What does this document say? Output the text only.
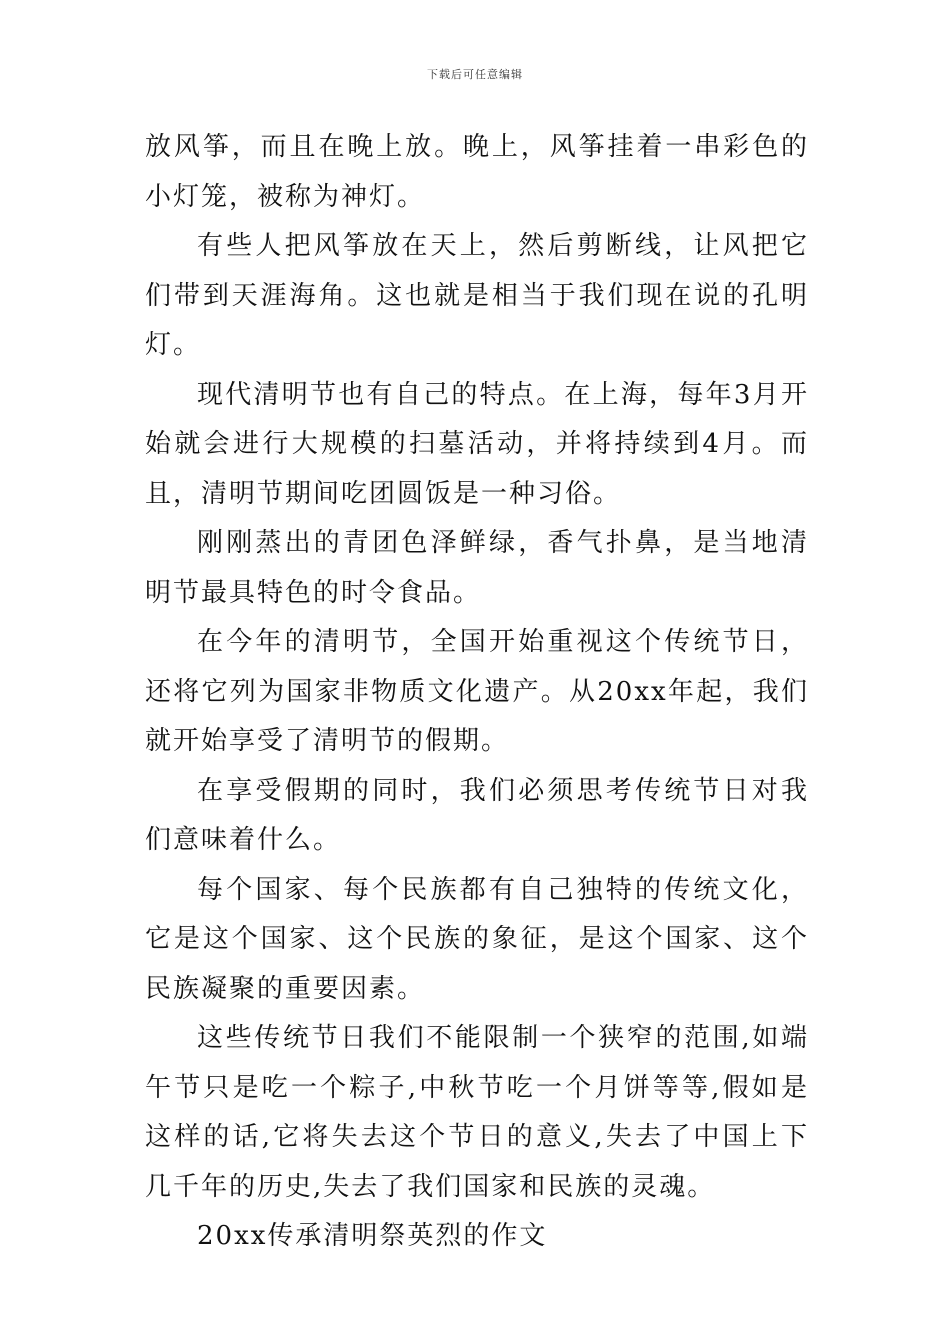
下载后可任意编辑

放风筝，而且在晚上放。晚上，风筝挂着一串彩色的小灯笼，被称为神灯。

有些人把风筝放在天上，然后剪断线，让风把它们带到天涯海角。这也就是相当于我们现在说的孔明灯。

现代清明节也有自己的特点。在上海，每年3月开始就会进行大规模的扫墓活动，并将持续到4月。而且，清明节期间吃团圆饭是一种习俗。

刚刚蒸出的青团色泽鲜绿，香气扑鼻，是当地清明节最具特色的时令食品。

在今年的清明节，全国开始重视这个传统节日，还将它列为国家非物质文化遗产。从20xx年起，我们就开始享受了清明节的假期。

在享受假期的同时，我们必须思考传统节日对我们意味着什么。

每个国家、每个民族都有自己独特的传统文化，它是这个国家、这个民族的象征，是这个国家、这个民族凝聚的重要因素。

这些传统节日我们不能限制一个狭窄的范围,如端午节只是吃一个粽子,中秋节吃一个月饼等等,假如是这样的话,它将失去这个节日的意义,失去了中国上下几千年的历史,失去了我们国家和民族的灵魂。

20xx传承清明祭英烈的作文
